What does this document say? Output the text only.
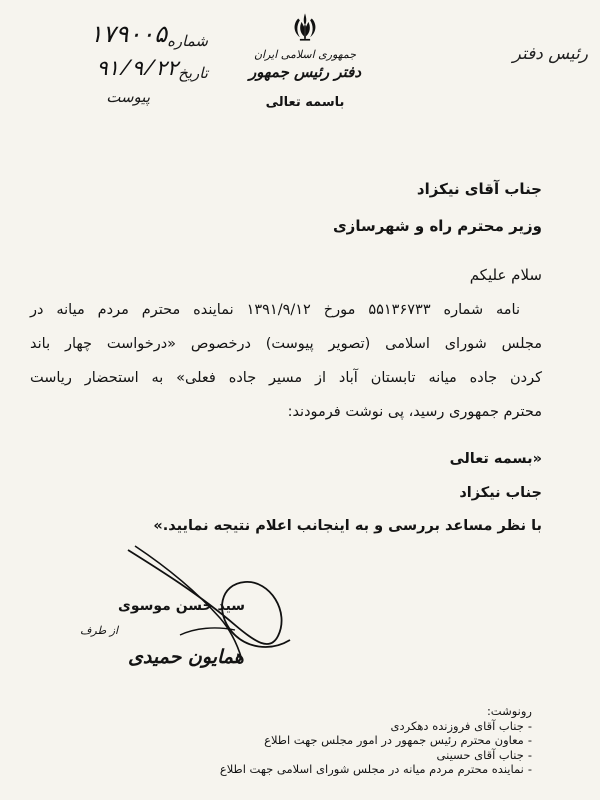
شماره
۱۷۹۰۰۵
تاریخ
۹۱/۹/۲۲
پیوست
جمهوری اسلامی ایران
دفتر رئیس جمهور
باسمه تعالی
رئیس دفتر
جناب آقای نیکزاد
وزیر محترم راه و شهرسازی
سلام علیکم
نامه شماره ۵۵۱۳۶۷۳۳ مورخ ۱۳۹۱/۹/۱۲ نماینده محترم مردم میانه در
مجلس شورای اسلامی (تصویر پیوست) درخصوص «درخواست چهار باند
کردن جاده میانه تابستان آباد از مسیر جاده فعلی» به استحضار ریاست
محترم جمهوری رسید، پی نوشت فرمودند:
«بسمه تعالی
جناب نیکزاد
با نظر مساعد بررسی و به اینجانب اعلام نتیجه نمایید.»
سید حسن موسوی
از طرف
همایون حمیدی
رونوشت:
- جناب آقای فروزنده دهکردی
- معاون محترم رئیس جمهور در امور مجلس جهت اطلاع
- جناب آقای حسینی
- نماینده محترم مردم میانه در مجلس شورای اسلامی جهت اطلاع
